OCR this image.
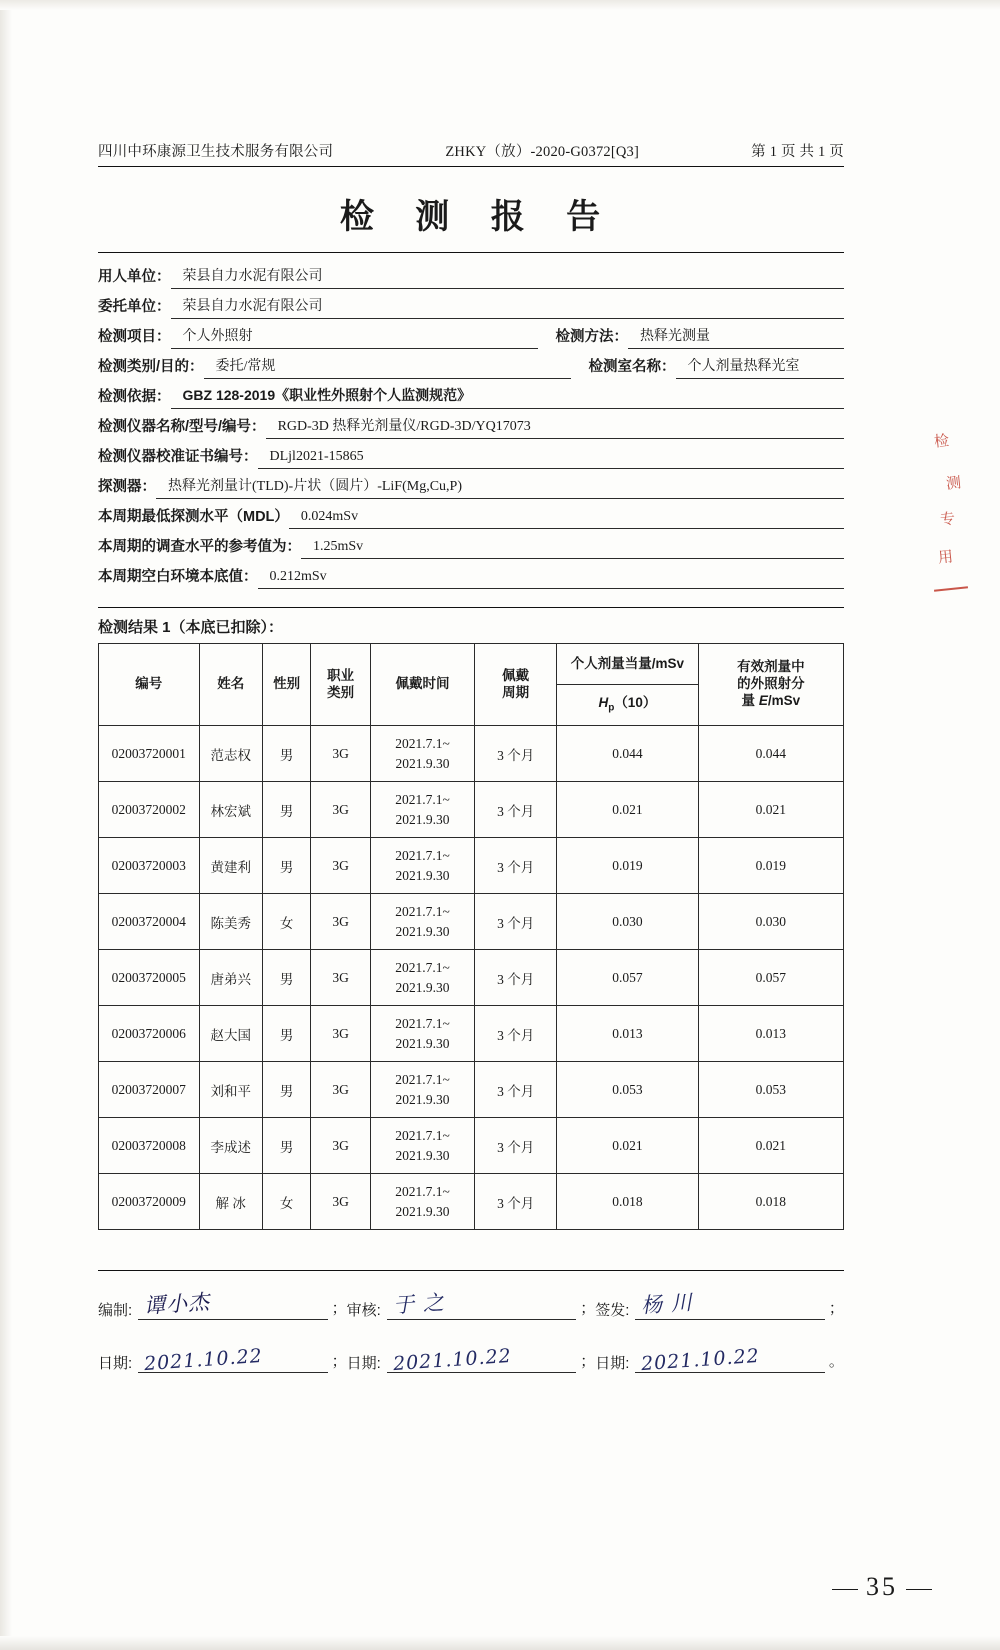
检
测
专
用
四川中环康源卫生技术服务有限公司	ZHKY（放）-2020-G0372[Q3]	第 1 页 共 1 页
检 测 报 告
用人单位： 荣县自力水泥有限公司
委托单位： 荣县自力水泥有限公司
检测项目： 个人外照射	检测方法： 热释光测量
检测类别/目的： 委托/常规	检测室名称： 个人剂量热释光室
检测依据： GBZ 128-2019《职业性外照射个人监测规范》
检测仪器名称/型号/编号： RGD-3D 热释光剂量仪/RGD-3D/YQ17073
检测仪器校准证书编号： DLjl2021-15865
探测器： 热释光剂量计(TLD)-片状（圆片）-LiF(Mg,Cu,P)
本周期最低探测水平（MDL） 0.024mSv
本周期的调查水平的参考值为： 1.25mSv
本周期空白环境本底值： 0.212mSv
检测结果 1（本底已扣除）：
编号	姓名	性别	职业
类别	佩戴时间	佩戴
周期	个人剂量当量/mSv	有效剂量中
的外照射分
量 E/mSv
						$H_p(10)$	
02003720001	范志权	男	3G	2021.7.1~
2021.9.30	3 个月	0.044	0.044
02003720002	林宏斌	男	3G	2021.7.1~
2021.9.30	3 个月	0.021	0.021
02003720003	黄建利	男	3G	2021.7.1~
2021.9.30	3 个月	0.019	0.019
02003720004	陈美秀	女	3G	2021.7.1~
2021.9.30	3 个月	0.030	0.030
02003720005	唐弟兴	男	3G	2021.7.1~
2021.9.30	3 个月	0.057	0.057
02003720006	赵大国	男	3G	2021.7.1~
2021.9.30	3 个月	0.013	0.013
02003720007	刘和平	男	3G	2021.7.1~
2021.9.30	3 个月	0.053	0.053
02003720008	李成述	男	3G	2021.7.1~
2021.9.30	3 个月	0.021	0.021
02003720009	解 冰	女	3G	2021.7.1~
2021.9.30	3 个月	0.018	0.018
编制: 谭小杰	； 审核: 于 之	； 签发: 杨 川	；
日期: 2021.10.22	； 日期: 2021.10.22	； 日期: 2021.10.22	。
35
